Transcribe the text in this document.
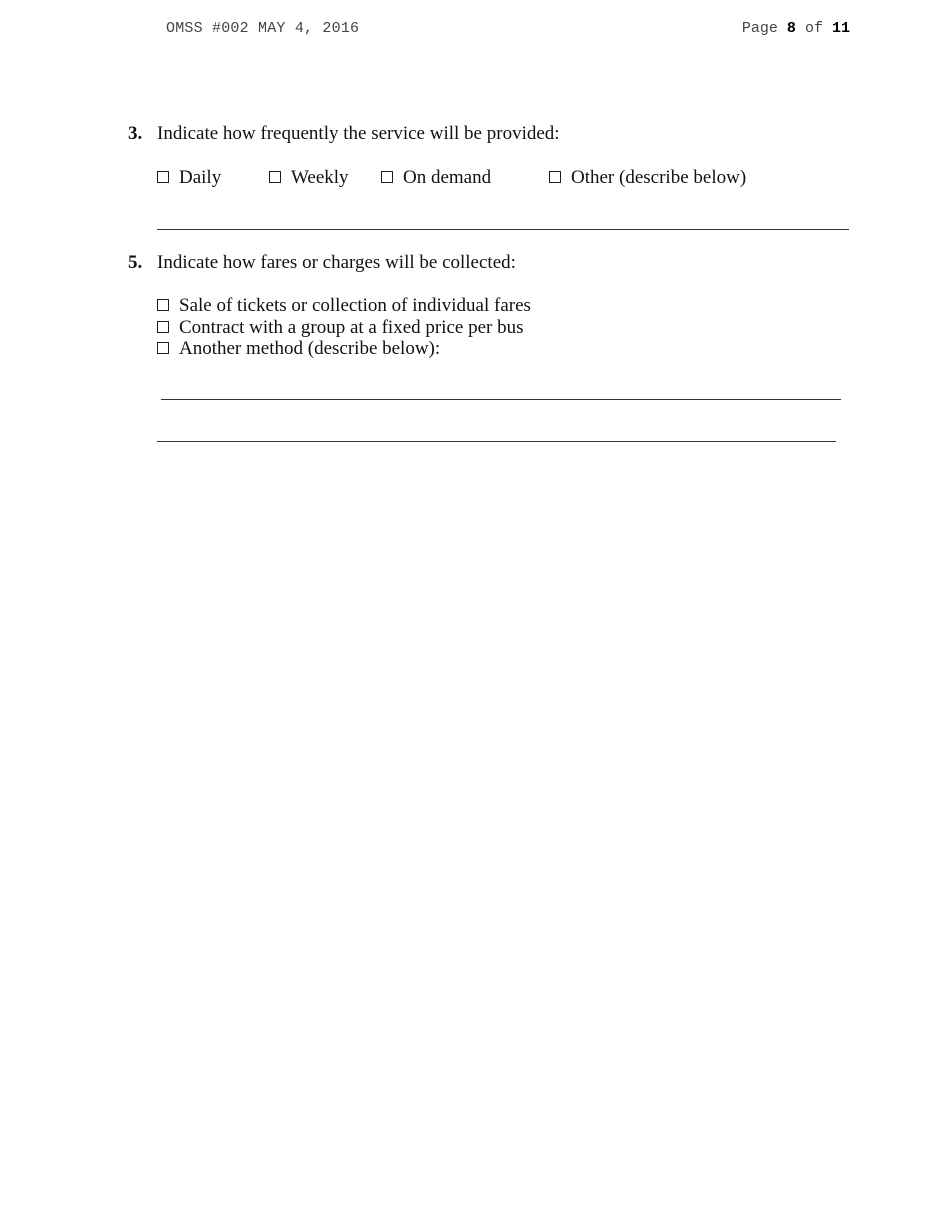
OMSS #002 MAY 4, 2016	Page 8 of 11
3. Indicate how frequently the service will be provided:
Daily	Weekly	On demand	Other (describe below)
5. Indicate how fares or charges will be collected:
Sale of tickets or collection of individual fares
Contract with a group at a fixed price per bus
Another method (describe below):
